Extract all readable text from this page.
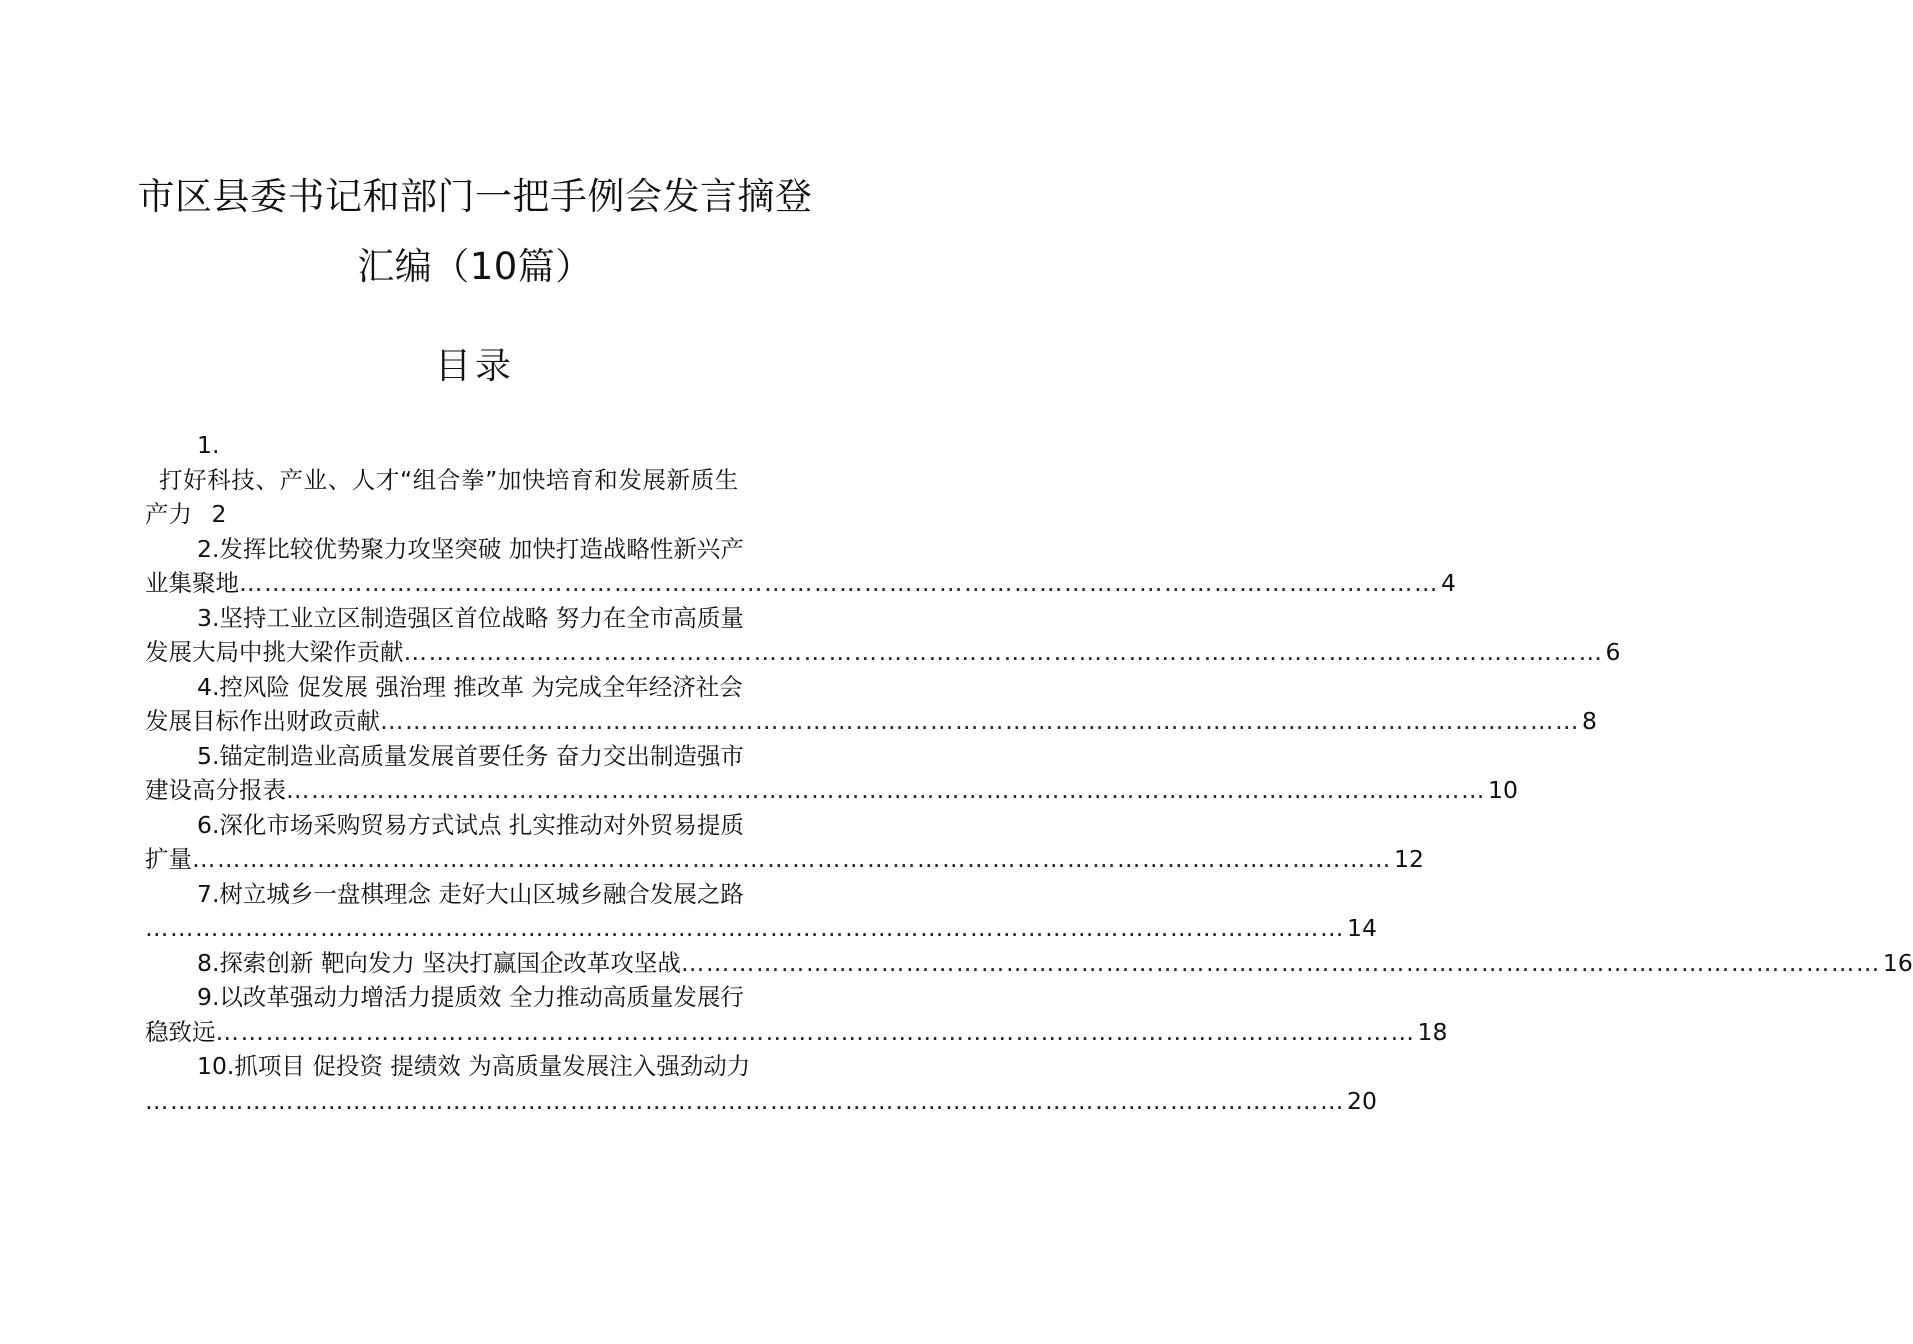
市区县委书记和部门一把手例会发言摘登
汇编（10篇）
目录
1.
打好科技、产业、人才“组合拳”加快培育和发展新质生
产力 2
2.发挥比较优势聚力攻坚突破 加快打造战略性新兴产
业集聚地 ……………………………………………………………………………………………………………………………… 4
3.坚持工业立区制造强区首位战略 努力在全市高质量
发展大局中挑大梁作贡献 ……………………………………………………………………………………………………………………………… 6
4.控风险 促发展 强治理 推改革 为完成全年经济社会
发展目标作出财政贡献 ……………………………………………………………………………………………………………………………… 8
5.锚定制造业高质量发展首要任务 奋力交出制造强市
建设高分报表 ……………………………………………………………………………………………………………………………… 10
6.深化市场采购贸易方式试点 扎实推动对外贸易提质
扩量 ……………………………………………………………………………………………………………………………… 12
7.树立城乡一盘棋理念 走好大山区城乡融合发展之路
……………………………………………………………………………………………………………………………… 14
8.探索创新 靶向发力 坚决打赢国企改革攻坚战 ……………………………………………………………………………………………………………………………… 16
9.以改革强动力增活力提质效 全力推动高质量发展行
稳致远 ……………………………………………………………………………………………………………………………… 18
10.抓项目 促投资 提绩效 为高质量发展注入强劲动力
……………………………………………………………………………………………………………………………… 20
